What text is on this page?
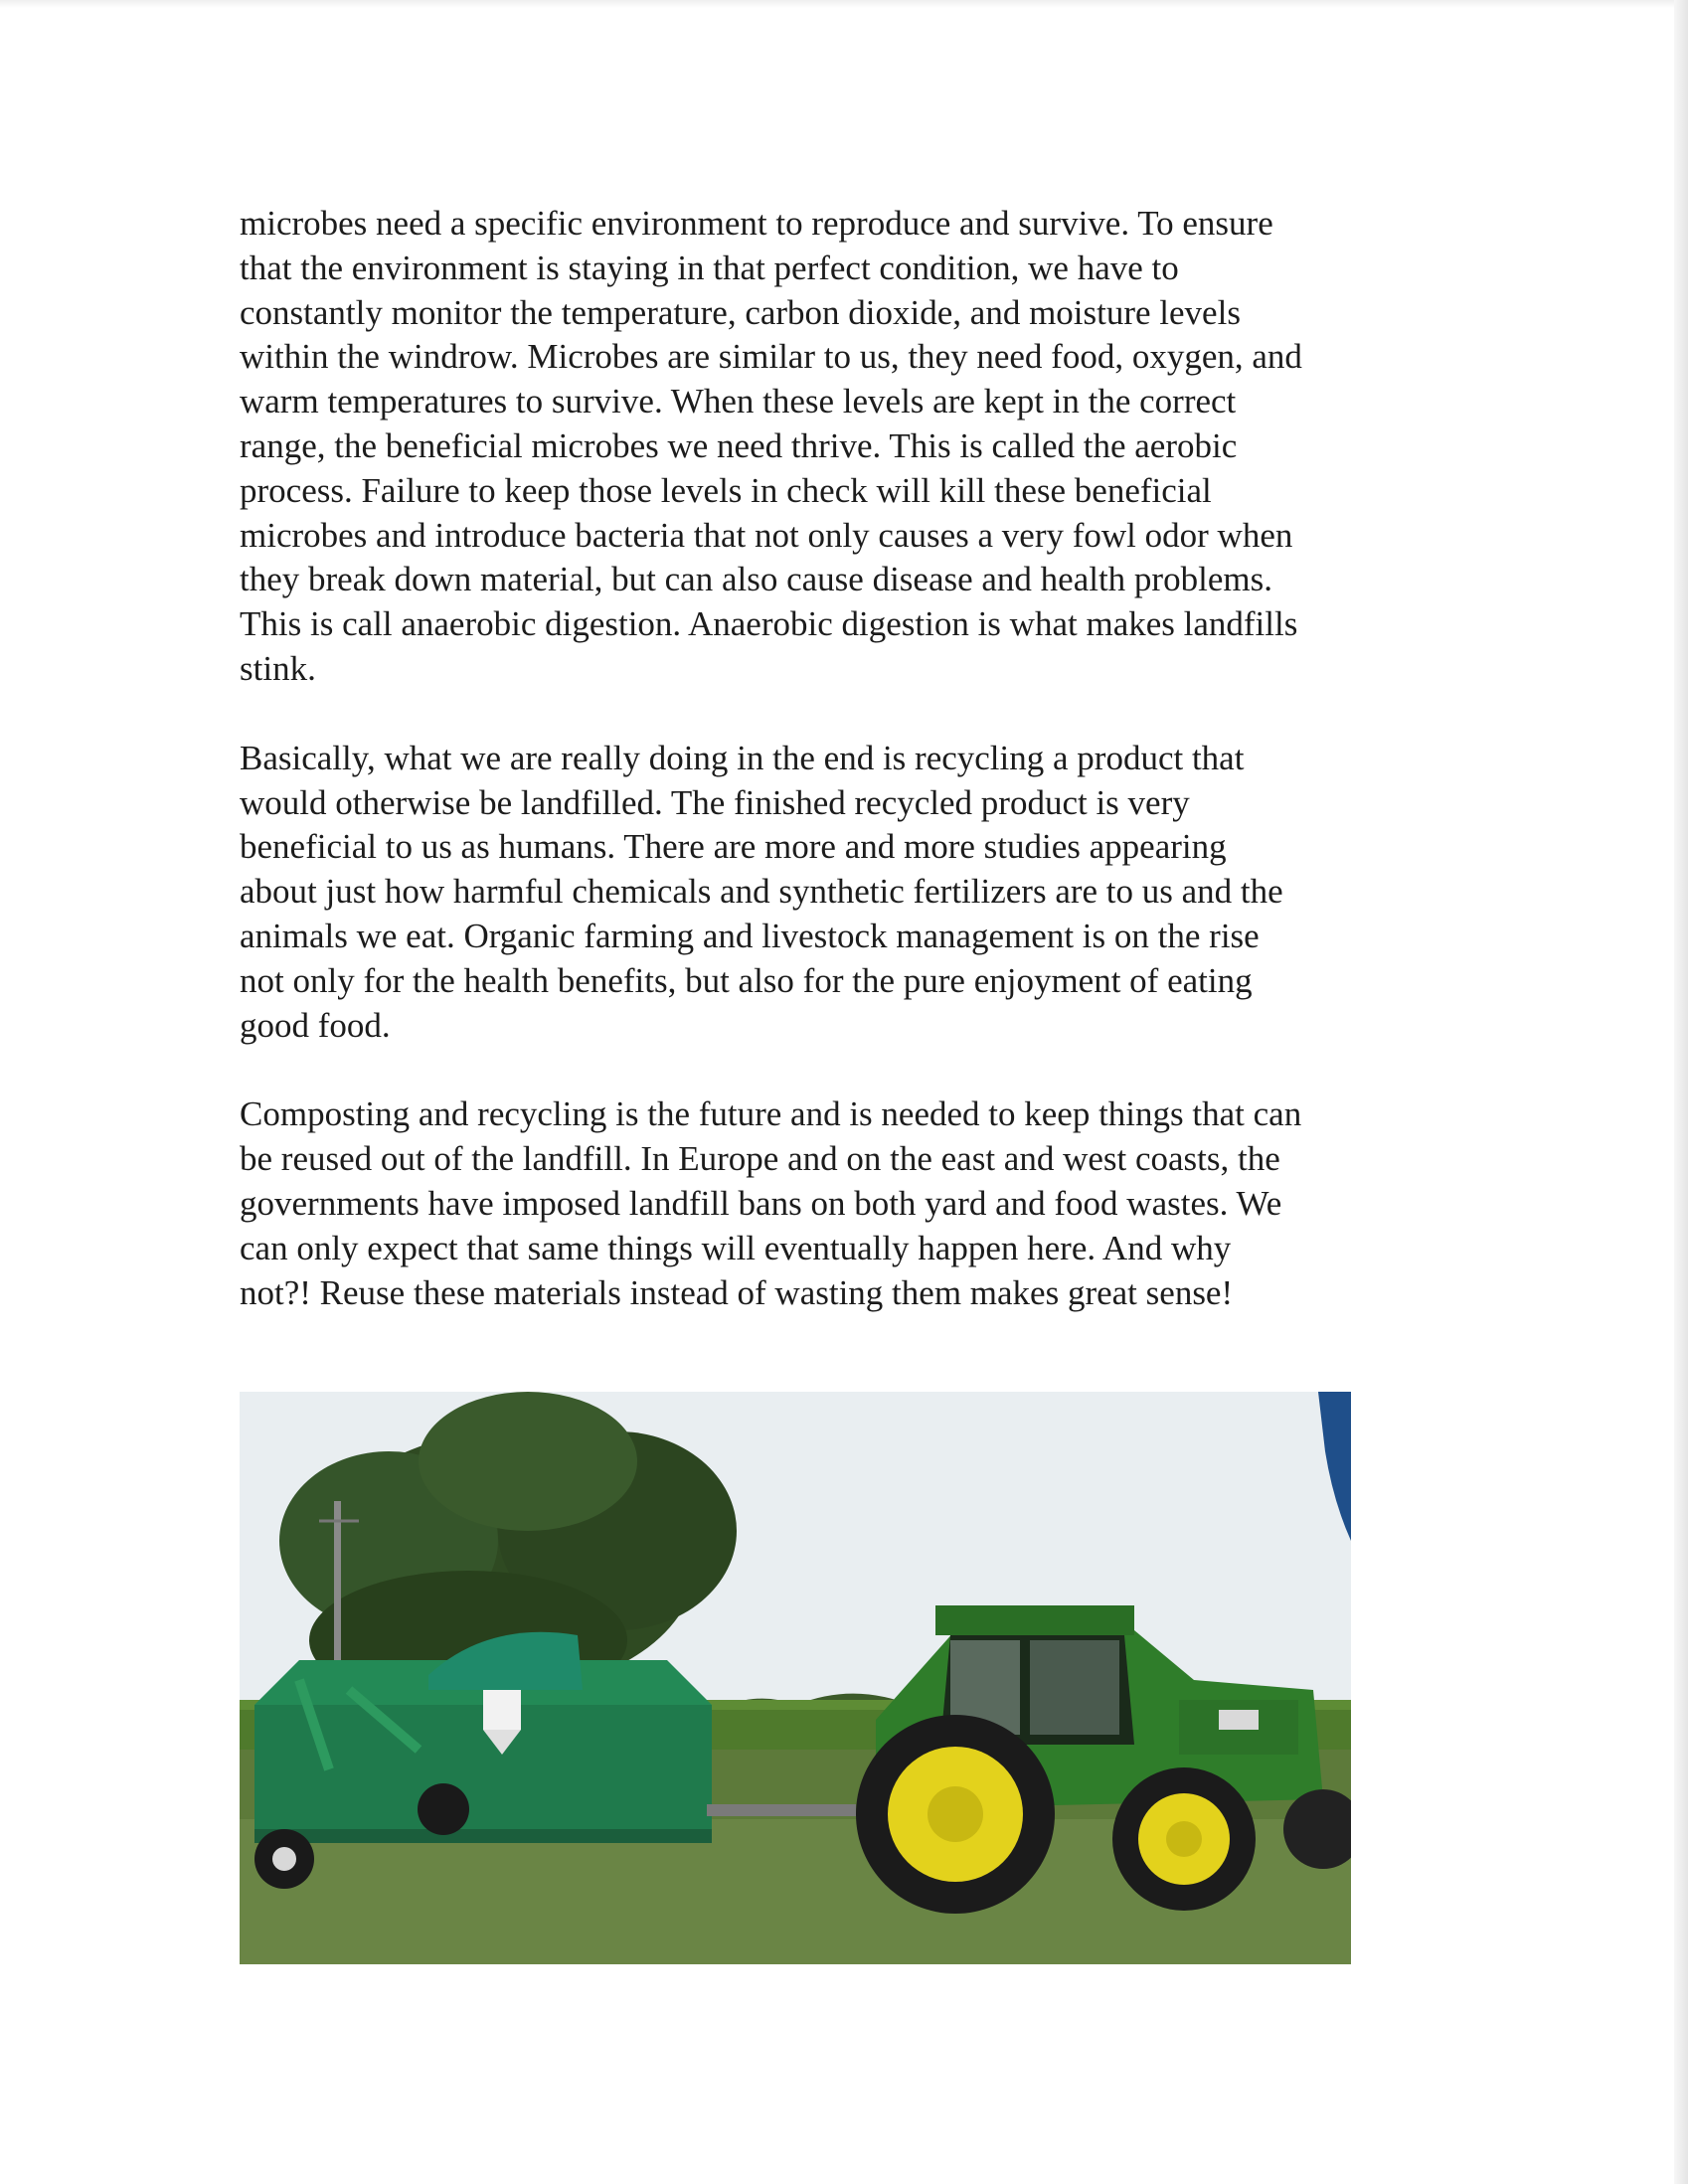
microbes need a specific environment to reproduce and survive. To ensure
that the environment is staying in that perfect condition, we have to
constantly monitor the temperature, carbon dioxide, and moisture levels
within the windrow. Microbes are similar to us, they need food, oxygen, and
warm temperatures to survive. When these levels are kept in the correct
range, the beneficial microbes we need thrive. This is called the aerobic
process. Failure to keep those levels in check will kill these beneficial
microbes and introduce bacteria that not only causes a very fowl odor when
they break down material, but can also cause disease and health problems.
This is call anaerobic digestion. Anaerobic digestion is what makes landfills
stink.

Basically, what we are really doing in the end is recycling a product that
would otherwise be landfilled. The finished recycled product is very
beneficial to us as humans. There are more and more studies appearing
about just how harmful chemicals and synthetic fertilizers are to us and the
animals we eat. Organic farming and livestock management is on the rise
not only for the health benefits, but also for the pure enjoyment of eating
good food.

Composting and recycling is the future and is needed to keep things that can
be reused out of the landfill. In Europe and on the east and west coasts, the
governments have imposed landfill bans on both yard and food wastes. We
can only expect that same things will eventually happen here. And why
not?! Reuse these materials instead of wasting them makes great sense!
